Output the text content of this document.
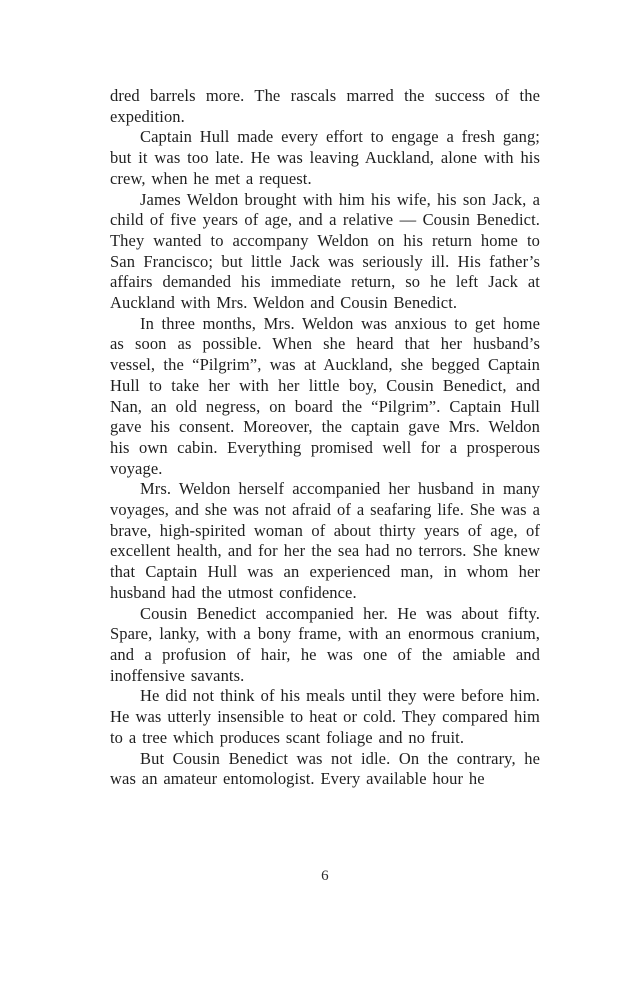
dred barrels more. The rascals marred the success of the expedition.

Captain Hull made every effort to engage a fresh gang; but it was too late. He was leaving Auckland, alone with his crew, when he met a request.

James Weldon brought with him his wife, his son Jack, a child of five years of age, and a relative — Cousin Benedict. They wanted to accompany Weldon on his return home to San Francisco; but little Jack was seriously ill. His father’s affairs demanded his immediate return, so he left Jack at Auckland with Mrs. Weldon and Cousin Benedict.

In three months, Mrs. Weldon was anxious to get home as soon as possible. When she heard that her husband’s vessel, the “Pilgrim”, was at Auckland, she begged Captain Hull to take her with her little boy, Cousin Benedict, and Nan, an old negress, on board the “Pilgrim”. Captain Hull gave his consent. Moreover, the captain gave Mrs. Weldon his own cabin. Everything promised well for a prosperous voyage.

Mrs. Weldon herself accompanied her husband in many voyages, and she was not afraid of a seafaring life. She was a brave, high-spirited woman of about thirty years of age, of excellent health, and for her the sea had no terrors. She knew that Captain Hull was an experienced man, in whom her husband had the utmost confidence.

Cousin Benedict accompanied her. He was about fifty. Spare, lanky, with a bony frame, with an enormous cranium, and a profusion of hair, he was one of the amiable and inoffensive savants.

He did not think of his meals until they were before him. He was utterly insensible to heat or cold. They compared him to a tree which produces scant foliage and no fruit.

But Cousin Benedict was not idle. On the contrary, he was an amateur entomologist. Every available hour he

6
